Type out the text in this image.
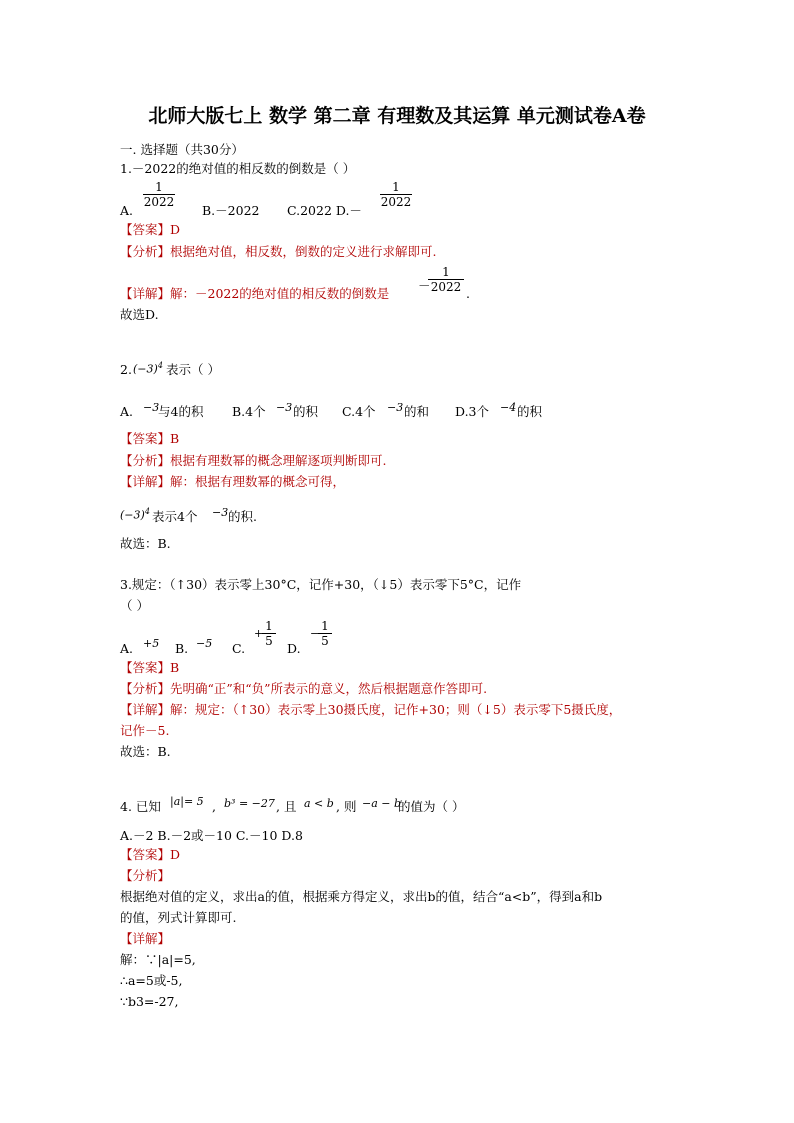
北师大版七上 数学 第二章 有理数及其运算 单元测试卷A卷
一. 选择题（共30分）
1.－2022的绝对值的相反数的倒数是（ ）
1
2022
A.	B.－2022 C.2022 D.－
1
2022
【答案】D
【分析】根据绝对值，相反数，倒数的定义进行求解即可.
【详解】解：－2022的绝对值的相反数的倒数是
－
1
2022 .
故选D.
2. $(-3)^4$ 表示（ ）
A. −3
与4的积 B.4个 −3 的积 C.4个 −3 的和 D.3个 −4 的积
【答案】B
【分析】根据有理数幂的概念理解逐项判断即可.
【详解】解：根据有理数幂的概念可得，
$(-3)^4$ 表示4个 −3 的积.
故选：B.
3.规定：（↑30）表示零上30°C，记作+30，（↓5）表示零下5°C，记作
（ ）
A. +5 B. −5 C.
+
1
5 D.
−
1
5
【答案】B
【分析】先明确“正”和“负”所表示的意义，然后根据题意作答即可.
【详解】解：规定：（↑30）表示零上30摄氏度，记作+30；则（↓5）表示零下5摄氏度，
记作－5.
故选：B.
4. 已知 |a|= 5 , b³ = −27 , 且 a < b , 则 −a − b
的值为（ ）
A.－2 B.－2或－10 C.－10 D.8
【答案】D
【分析】
根据绝对值的定义，求出a的值，根据乘方得定义，求出b的值，结合“a<b”，得到a和b
的值，列式计算即可.
【详解】
解：∵|a|=5,
∴a=5或-5,
∵b3=-27,
